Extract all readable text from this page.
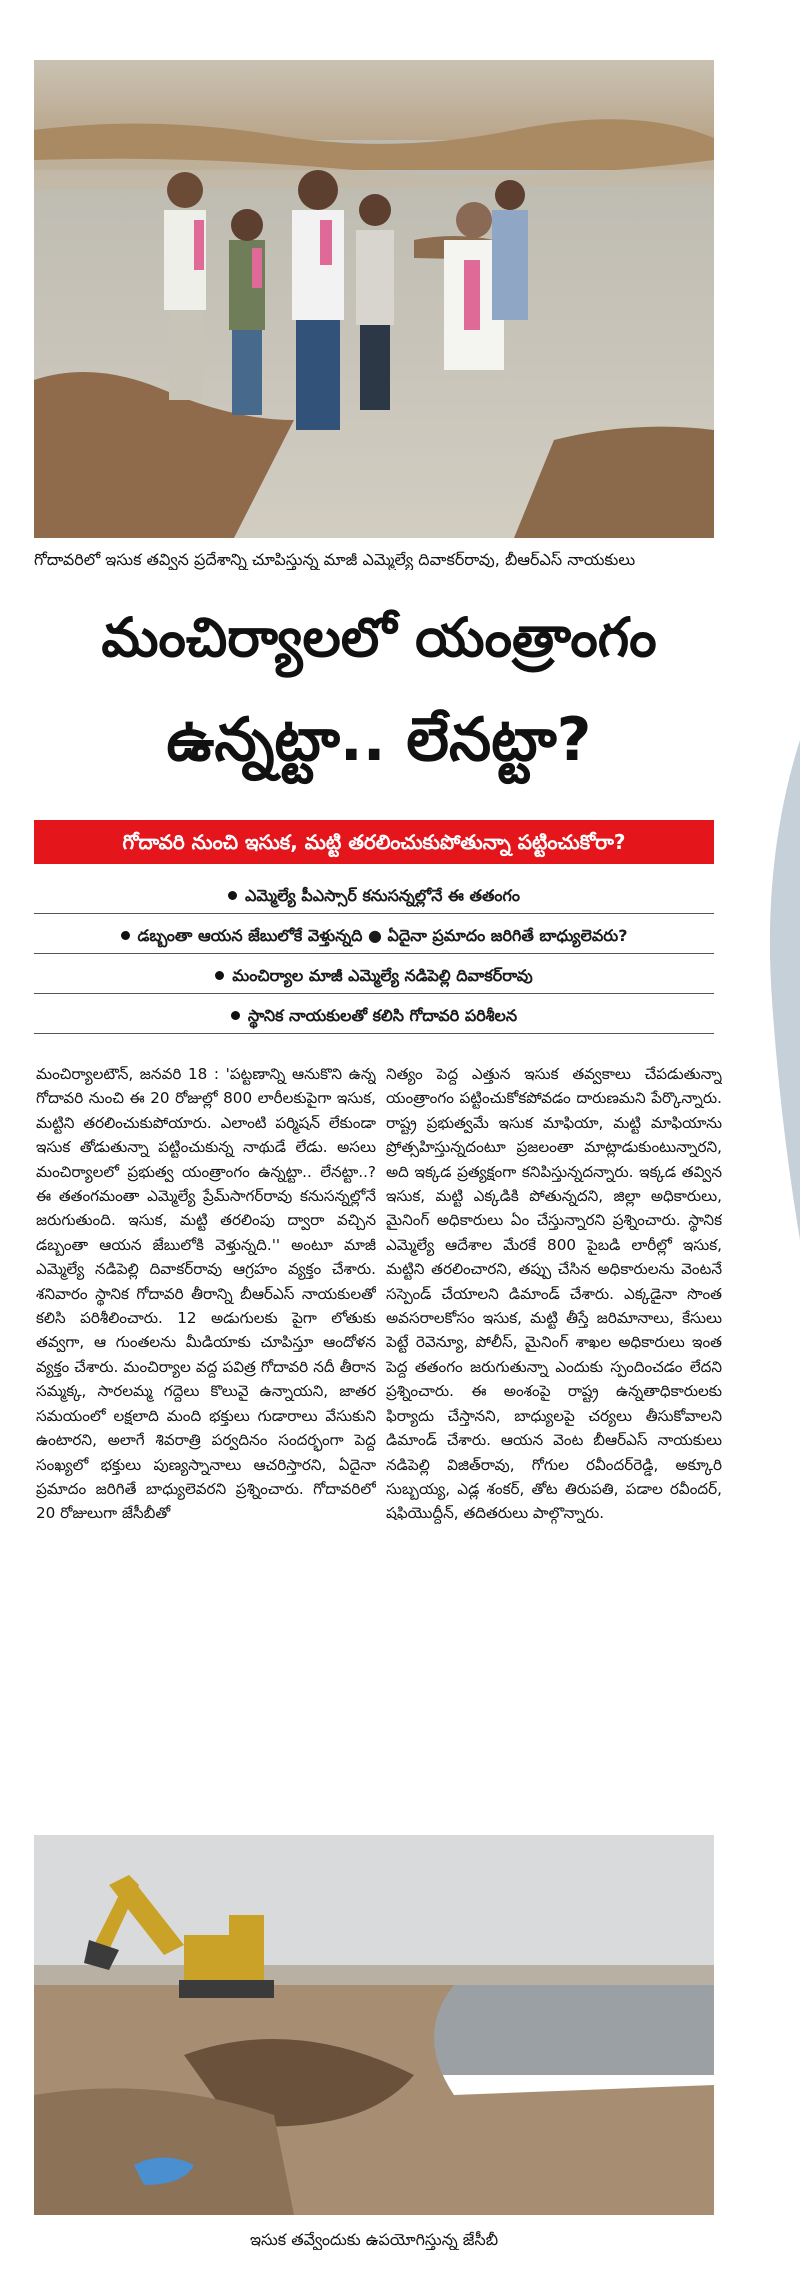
గోదావరిలో ఇసుక తవ్విన ప్రదేశాన్ని చూపిస్తున్న మాజీ ఎమ్మెల్యే దివాకర్‌రావు, బీఆర్‌ఎస్ నాయకులు
మంచిర్యాలలో యంత్రాంగం
ఉన్నట్టా.. లేనట్టా?
గోదావరి నుంచి ఇసుక, మట్టి తరలించుకుపోతున్నా పట్టించుకోరా?
ఎమ్మెల్యే పీఎస్సార్ కనుసన్నల్లోనే ఈ తతంగం
డబ్బంతా ఆయన జేబులోకే వెళ్తున్నది ● ఏదైనా ప్రమాదం జరిగితే బాధ్యులెవరు?
మంచిర్యాల మాజీ ఎమ్మెల్యే నడిపెల్లి దివాకర్‌రావు
స్థానిక నాయకులతో కలిసి గోదావరి పరిశీలన

మంచిర్యాలటౌన్, జనవరి 18 : 'పట్టణాన్ని ఆనుకొని ఉన్న గోదావరి నుంచి ఈ 20 రోజుల్లో 800 లారీలకుపైగా ఇసుక, మట్టిని తరలించుకుపోయారు. ఎలాంటి పర్మిషన్ లేకుండా ఇసుక తోడుతున్నా పట్టించుకున్న నాథుడే లేడు. అసలు మంచిర్యాలలో ప్రభుత్వ యంత్రాంగం ఉన్నట్టా.. లేనట్టా..? ఈ తతంగమంతా ఎమ్మెల్యే ప్రేమ్‌సాగర్‌రావు కనుసన్నల్లోనే జరుగుతుంది. ఇసుక, మట్టి తరలింపు ద్వారా వచ్చిన డబ్బంతా ఆయన జేబులోకి వెళ్తున్నది.'' అంటూ మాజీ ఎమ్మెల్యే నడిపెల్లి దివాకర్‌రావు ఆగ్రహం వ్యక్తం చేశారు. శనివారం స్థానిక గోదావరి తీరాన్ని బీఆర్‌ఎస్ నాయకులతో కలిసి పరిశీలించారు. 12 అడుగులకు పైగా లోతుకు తవ్వగా, ఆ గుంతలను మీడియాకు చూపిస్తూ ఆందోళన వ్యక్తం చేశారు. మంచిర్యాల వద్ద పవిత్ర గోదావరి నదీ తీరాన సమ్మక్క, సారలమ్మ గద్దెలు కొలువై ఉన్నాయని, జాతర సమయంలో లక్షలాది మంది భక్తులు గుడారాలు వేసుకుని ఉంటారని, అలాగే శివరాత్రి పర్వదినం సందర్భంగా పెద్ద సంఖ్యలో భక్తులు పుణ్యస్నానాలు ఆచరిస్తారని, ఏదైనా ప్రమాదం జరిగితే బాధ్యులెవరని ప్రశ్నించారు. గోదావరిలో 20 రోజులుగా జేసీబీతో

నిత్యం పెద్ద ఎత్తున ఇసుక తవ్వకాలు చేపడుతున్నా యంత్రాంగం పట్టించుకోకపోవడం దారుణమని పేర్కొన్నారు. రాష్ట్ర ప్రభుత్వమే ఇసుక మాఫియా, మట్టి మాఫియాను ప్రోత్సహిస్తున్నదంటూ ప్రజలంతా మాట్లాడుకుంటున్నారని, అది ఇక్కడ ప్రత్యక్షంగా కనిపిస్తున్నదన్నారు. ఇక్కడ తవ్విన ఇసుక, మట్టి ఎక్కడికి పోతున్నదని, జిల్లా అధికారులు, మైనింగ్ అధికారులు ఏం చేస్తున్నారని ప్రశ్నించారు. స్థానిక ఎమ్మెల్యే ఆదేశాల మేరకే 800 పైబడి లారీల్లో ఇసుక, మట్టిని తరలించారని, తప్పు చేసిన అధికారులను వెంటనే సస్పెండ్ చేయాలని డిమాండ్ చేశారు. ఎక్కడైనా సొంత అవసరాలకోసం ఇసుక, మట్టి తీస్తే జరిమానాలు, కేసులు పెట్టే రెవెన్యూ, పోలీస్, మైనింగ్ శాఖల అధికారులు ఇంత పెద్ద తతంగం జరుగుతున్నా ఎందుకు స్పందించడం లేదని ప్రశ్నించారు. ఈ అంశంపై రాష్ట్ర ఉన్నతాధికారులకు ఫిర్యాదు చేస్తానని, బాధ్యులపై చర్యలు తీసుకోవాలని డిమాండ్ చేశారు. ఆయన వెంట బీఆర్‌ఎస్ నాయకులు నడిపెల్లి విజిత్‌రావు, గోగుల రవీందర్‌రెడ్డి, అక్కూరి సుబ్బయ్య, ఎడ్ల శంకర్, తోట తిరుపతి, పడాల రవీందర్, షఫియొద్దీన్, తదితరులు పాల్గొన్నారు.

ఇసుక తవ్వేందుకు ఉపయోగిస్తున్న జేసీబీ
